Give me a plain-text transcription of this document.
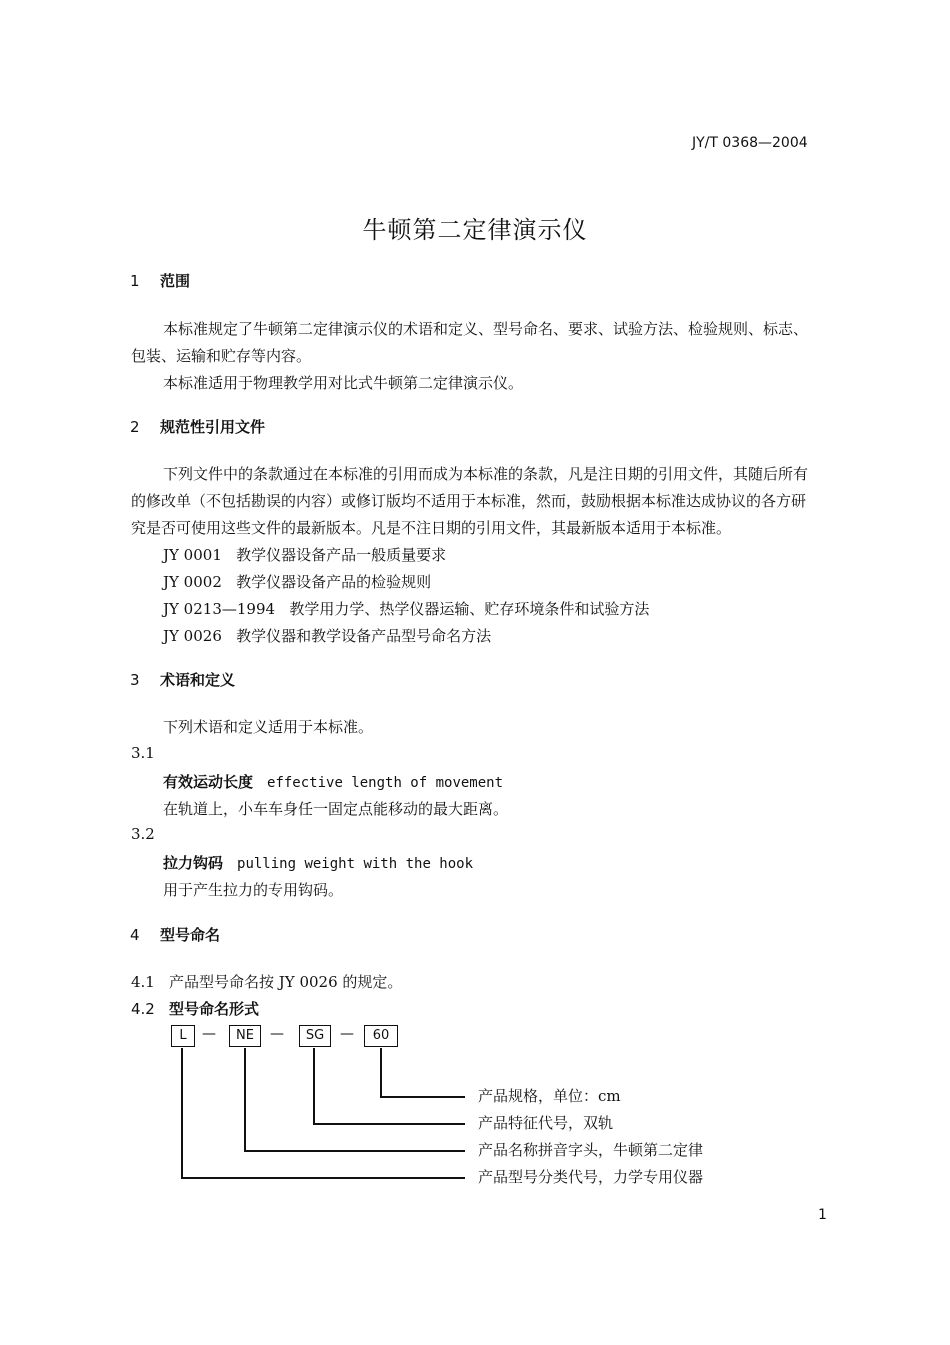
JY/T 0368—2004
牛顿第二定律演示仪
1 范围
本标准规定了牛顿第二定律演示仪的术语和定义、型号命名、要求、试验方法、检验规则、标志、
包装、运输和贮存等内容。
本标准适用于物理教学用对比式牛顿第二定律演示仪。
2 规范性引用文件
下列文件中的条款通过在本标准的引用而成为本标准的条款，凡是注日期的引用文件，其随后所有
的修改单（不包括勘误的内容）或修订版均不适用于本标准，然而，鼓励根据本标准达成协议的各方研
究是否可使用这些文件的最新版本。凡是不注日期的引用文件，其最新版本适用于本标准。
JY 0001   教学仪器设备产品一般质量要求
JY 0002   教学仪器设备产品的检验规则
JY 0213—1994   教学用力学、热学仪器运输、贮存环境条件和试验方法
JY 0026   教学仪器和教学设备产品型号命名方法
3 术语和定义
下列术语和定义适用于本标准。
3.1
有效运动长度 effective length of movement
在轨道上，小车车身任一固定点能移动的最大距离。
3.2
拉力钩码 pulling weight with the hook
用于产生拉力的专用钩码。
4 型号命名
4.1 产品型号命名按 JY 0026 的规定。
4.2 型号命名形式
L	—	NE	—	SG	—	60
产品规格，单位：cm
产品特征代号，双轨
产品名称拼音字头，牛顿第二定律
产品型号分类代号，力学专用仪器
1
